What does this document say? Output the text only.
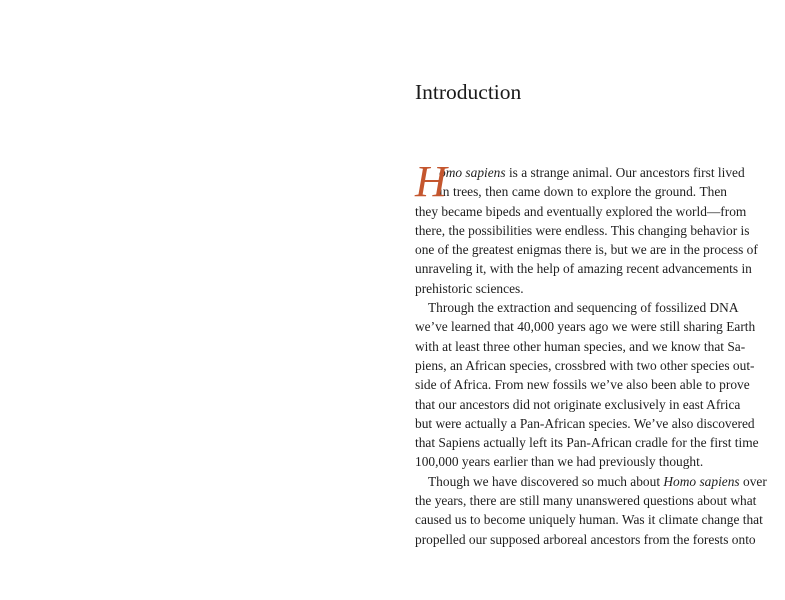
Introduction
H

omo sapiens is a strange animal. Our ancestors first lived
in trees, then came down to explore the ground. Then
they became bipeds and eventually explored the world—from
there, the possibilities were endless. This changing behavior is
one of the greatest enigmas there is, but we are in the process of
unraveling it, with the help of amazing recent advancements in
prehistoric sciences.

Through the extraction and sequencing of fossilized DNA
we’ve learned that 40,000 years ago we were still sharing Earth
with at least three other human species, and we know that Sa-
piens, an African species, crossbred with two other species out-
side of Africa. From new fossils we’ve also been able to prove
that our ancestors did not originate exclusively in east Africa
but were actually a Pan-African species. We’ve also discovered
that Sapiens actually left its Pan-African cradle for the first time
100,000 years earlier than we had previously thought.

Though we have discovered so much about Homo sapiens over
the years, there are still many unanswered questions about what
caused us to become uniquely human. Was it climate change that
propelled our supposed arboreal ancestors from the forests onto
